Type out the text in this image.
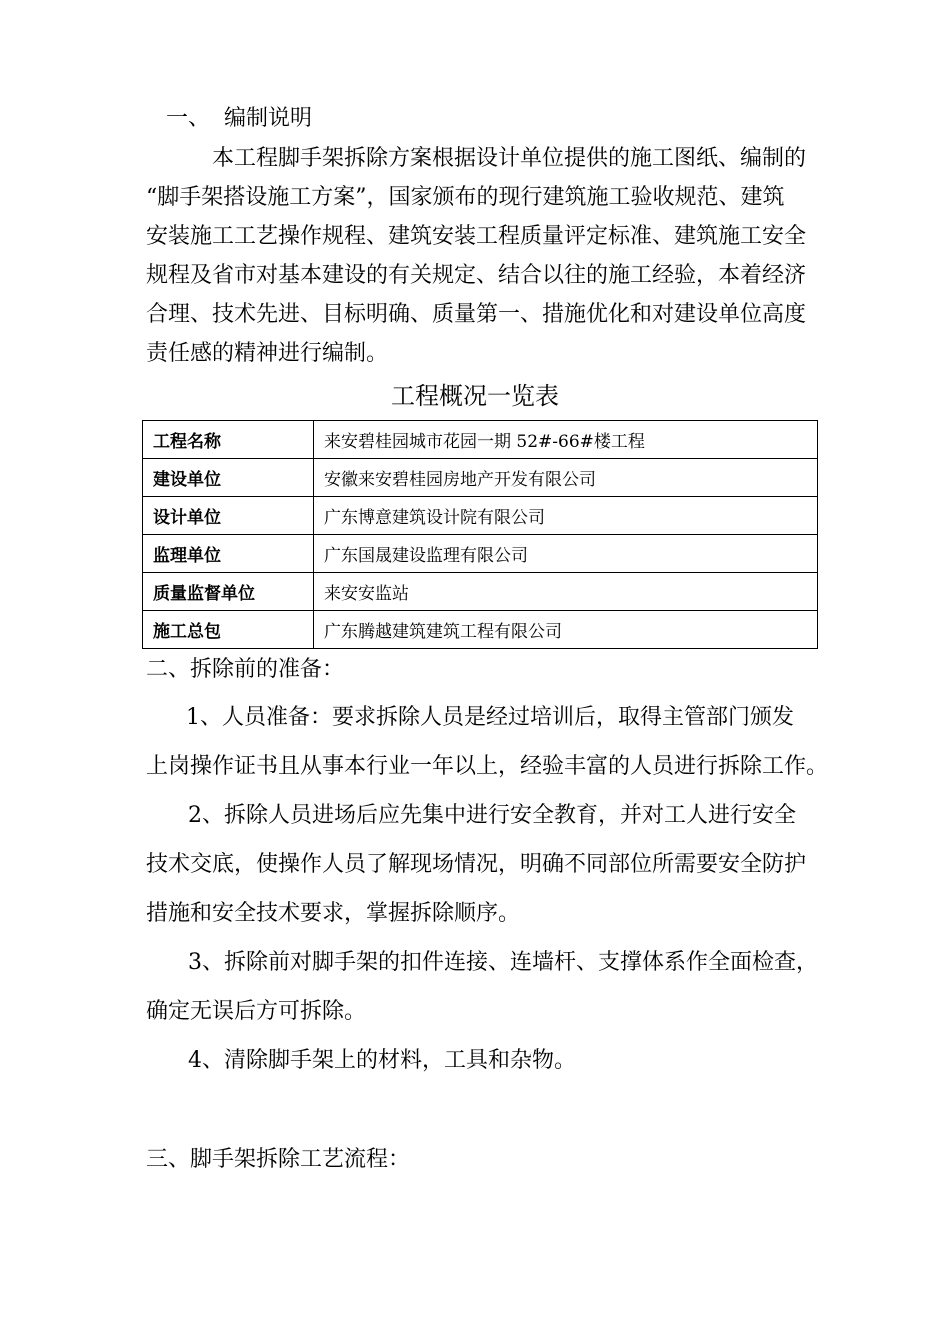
一、 编制说明
本工程脚手架拆除方案根据设计单位提供的施工图纸、编制的
“脚手架搭设施工方案”，国家颁布的现行建筑施工验收规范、建筑
安装施工工艺操作规程、建筑安装工程质量评定标准、建筑施工安全
规程及省市对基本建设的有关规定、结合以往的施工经验，本着经济
合理、技术先进、目标明确、质量第一、措施优化和对建设单位高度
责任感的精神进行编制。
工程概况一览表
工程名称	来安碧桂园城市花园一期 52#-66#楼工程
建设单位	安徽来安碧桂园房地产开发有限公司
设计单位	广东博意建筑设计院有限公司
监理单位	广东国晟建设监理有限公司
质量监督单位	来安安监站
施工总包	广东腾越建筑建筑工程有限公司
二、拆除前的准备：
1、人员准备：要求拆除人员是经过培训后，取得主管部门颁发
上岗操作证书且从事本行业一年以上，经验丰富的人员进行拆除工作。
2、拆除人员进场后应先集中进行安全教育，并对工人进行安全
技术交底，使操作人员了解现场情况，明确不同部位所需要安全防护
措施和安全技术要求，掌握拆除顺序。
3、拆除前对脚手架的扣件连接、连墙杆、支撑体系作全面检查，
确定无误后方可拆除。
4、清除脚手架上的材料，工具和杂物。
三、脚手架拆除工艺流程：
